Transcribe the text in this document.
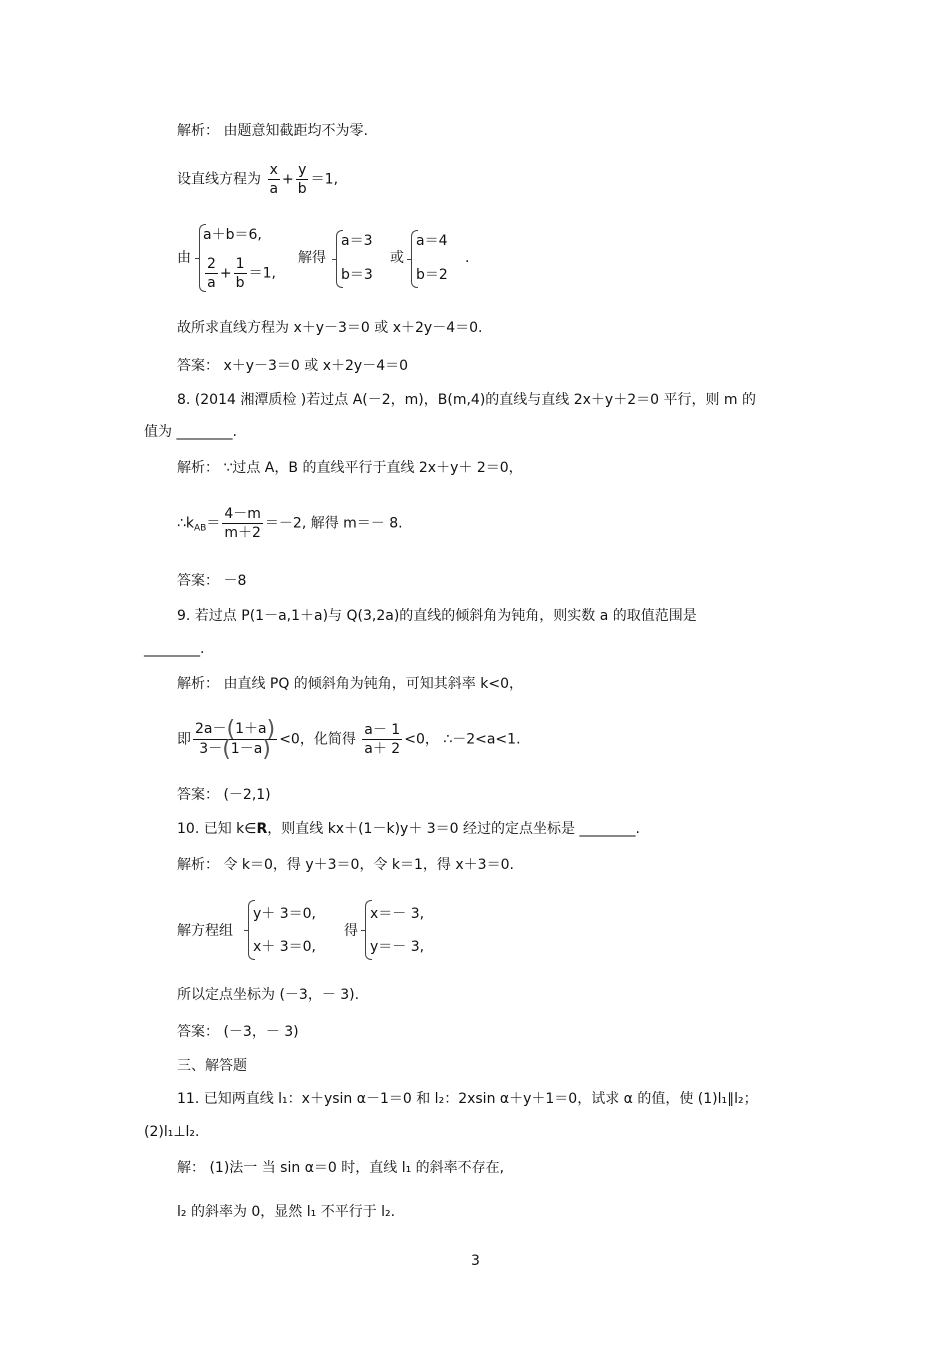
解析： 由题意知截距均不为零.
设直线方程为 $\frac{x}{a} + \frac{y}{b} =1$,
由
a＋b＝6,
$\frac{2}{a} + \frac{1}{b} =1$,
解得
a＝3
b＝3
或
a＝4
b＝2
.
故所求直线方程为 x＋y－3＝0 或 x＋2y－4＝0.
答案： x＋y－3＝0 或 x＋2y－4＝0
8. (2014 湘潭质检 )若过点 A(－2，m)，B(m,4)的直线与直线 2x＋y＋2＝0 平行，则 m 的
值为 ________.
解析： ∵过点 A，B 的直线平行于直线 2x＋y＋ 2＝0，
$\therefore k_{AB}= \frac{4-m}{m+2} =-2$, 解得 m＝－ 8.
答案： －8
9. 若过点 P(1－a,1＋a)与 Q(3,2a)的直线的倾斜角为钝角，则实数 a 的取值范围是
________.
解析： 由直线 PQ 的倾斜角为钝角，可知其斜率 k<0，
即 $\frac{2a-(1+a)}{3-(1-a)} <0$，化简得 $\frac{a- 1}{a+ 2} <0$， ∴－2<a<1.
答案： (－2,1)
10. 已知 k∈R，则直线 kx＋(1－k)y＋ 3＝0 经过的定点坐标是 ________.
解析： 令 k＝0，得 y＋3＝0，令 k＝1，得 x＋3＝0.
解方程组
y＋ 3＝0,
x＋ 3＝0,
得
x＝－ 3,
y＝－ 3,
所以定点坐标为 (－3，－ 3).
答案： (－3，－ 3)
三、解答题
11. 已知两直线 l₁：x＋ysin α－1＝0 和 l₂：2xsin α＋y＋1＝0，试求 α 的值，使 (1)l₁∥l₂；
(2)l₁⊥l₂.
解： (1)法一 当 sin α＝0 时，直线 l₁ 的斜率不存在,
l₂ 的斜率为 0，显然 l₁ 不平行于 l₂.
3
